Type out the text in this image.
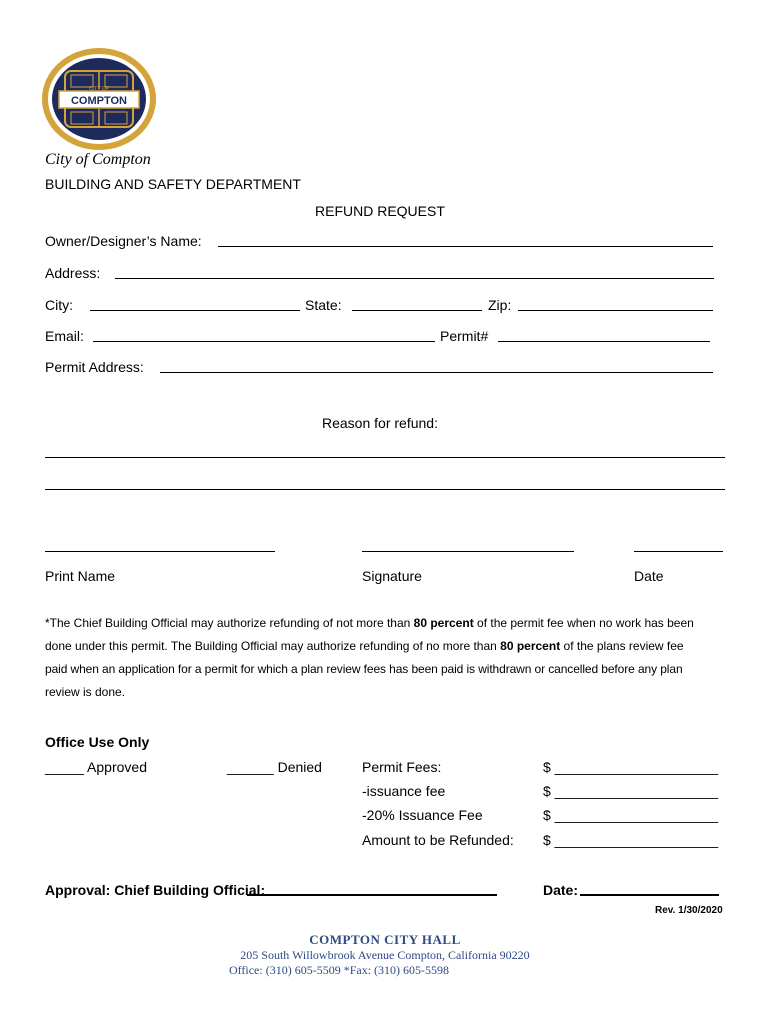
CITY OF
COMPTON
City of Compton
BUILDING AND SAFETY DEPARTMENT
REFUND REQUEST
Owner/Designer’s Name:
Address:
City:	State:	Zip:
Email:	Permit#
Permit Address:
Reason for refund:
Print Name	Signature	Date
*The Chief Building Official may authorize refunding of not more than 80 percent of the permit fee when no work has been
done under this permit. The Building Official may authorize refunding of no more than 80 percent of the plans review fee
paid when an application for a permit for which a plan review fees has been paid is withdrawn or cancelled before any plan
review is done.
Office Use Only
_____ Approved	______ Denied	Permit Fees:	$ _____________________
-issuance fee	$ _____________________
-20% Issuance Fee	$ _____________________
Amount to be Refunded: $ _____________________
Approval: Chief Building Official:	Date:
Rev. 1/30/2020
COMPTON CITY HALL
205 South Willowbrook Avenue Compton, California 90220
Office: (310) 605-5509 *Fax: (310) 605-5598
